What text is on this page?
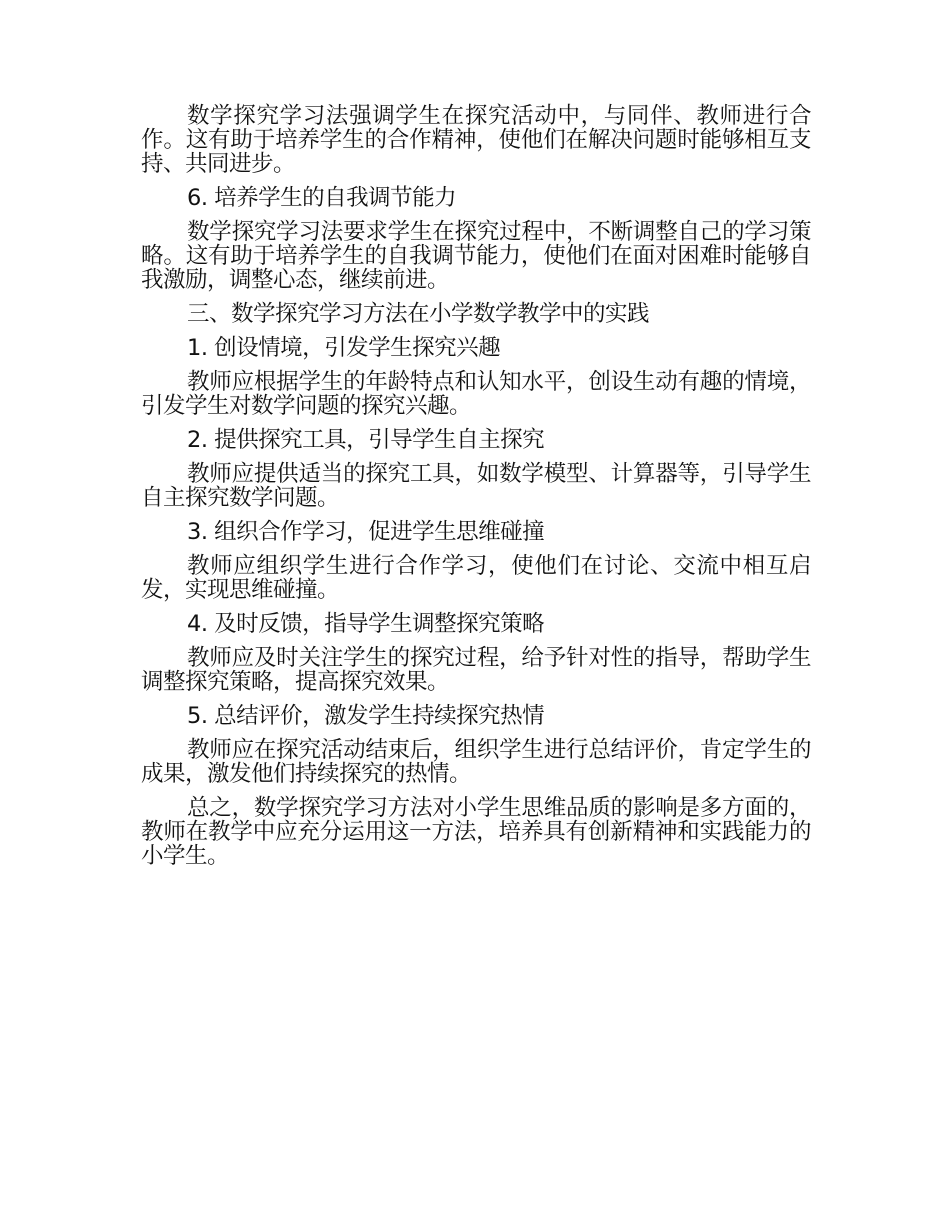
数学探究学习法强调学生在探究活动中，与同伴、教师进行合作。这有助于培养学生的合作精神，使他们在解决问题时能够相互支持、共同进步。

6. 培养学生的自我调节能力

数学探究学习法要求学生在探究过程中，不断调整自己的学习策略。这有助于培养学生的自我调节能力，使他们在面对困难时能够自我激励，调整心态，继续前进。

三、数学探究学习方法在小学数学教学中的实践

1. 创设情境，引发学生探究兴趣

教师应根据学生的年龄特点和认知水平，创设生动有趣的情境，引发学生对数学问题的探究兴趣。

2. 提供探究工具，引导学生自主探究

教师应提供适当的探究工具，如数学模型、计算器等，引导学生自主探究数学问题。

3. 组织合作学习，促进学生思维碰撞

教师应组织学生进行合作学习，使他们在讨论、交流中相互启发，实现思维碰撞。

4. 及时反馈，指导学生调整探究策略

教师应及时关注学生的探究过程，给予针对性的指导，帮助学生调整探究策略，提高探究效果。

5. 总结评价，激发学生持续探究热情

教师应在探究活动结束后，组织学生进行总结评价，肯定学生的成果，激发他们持续探究的热情。

总之，数学探究学习方法对小学生思维品质的影响是多方面的，教师在教学中应充分运用这一方法，培养具有创新精神和实践能力的小学生。
